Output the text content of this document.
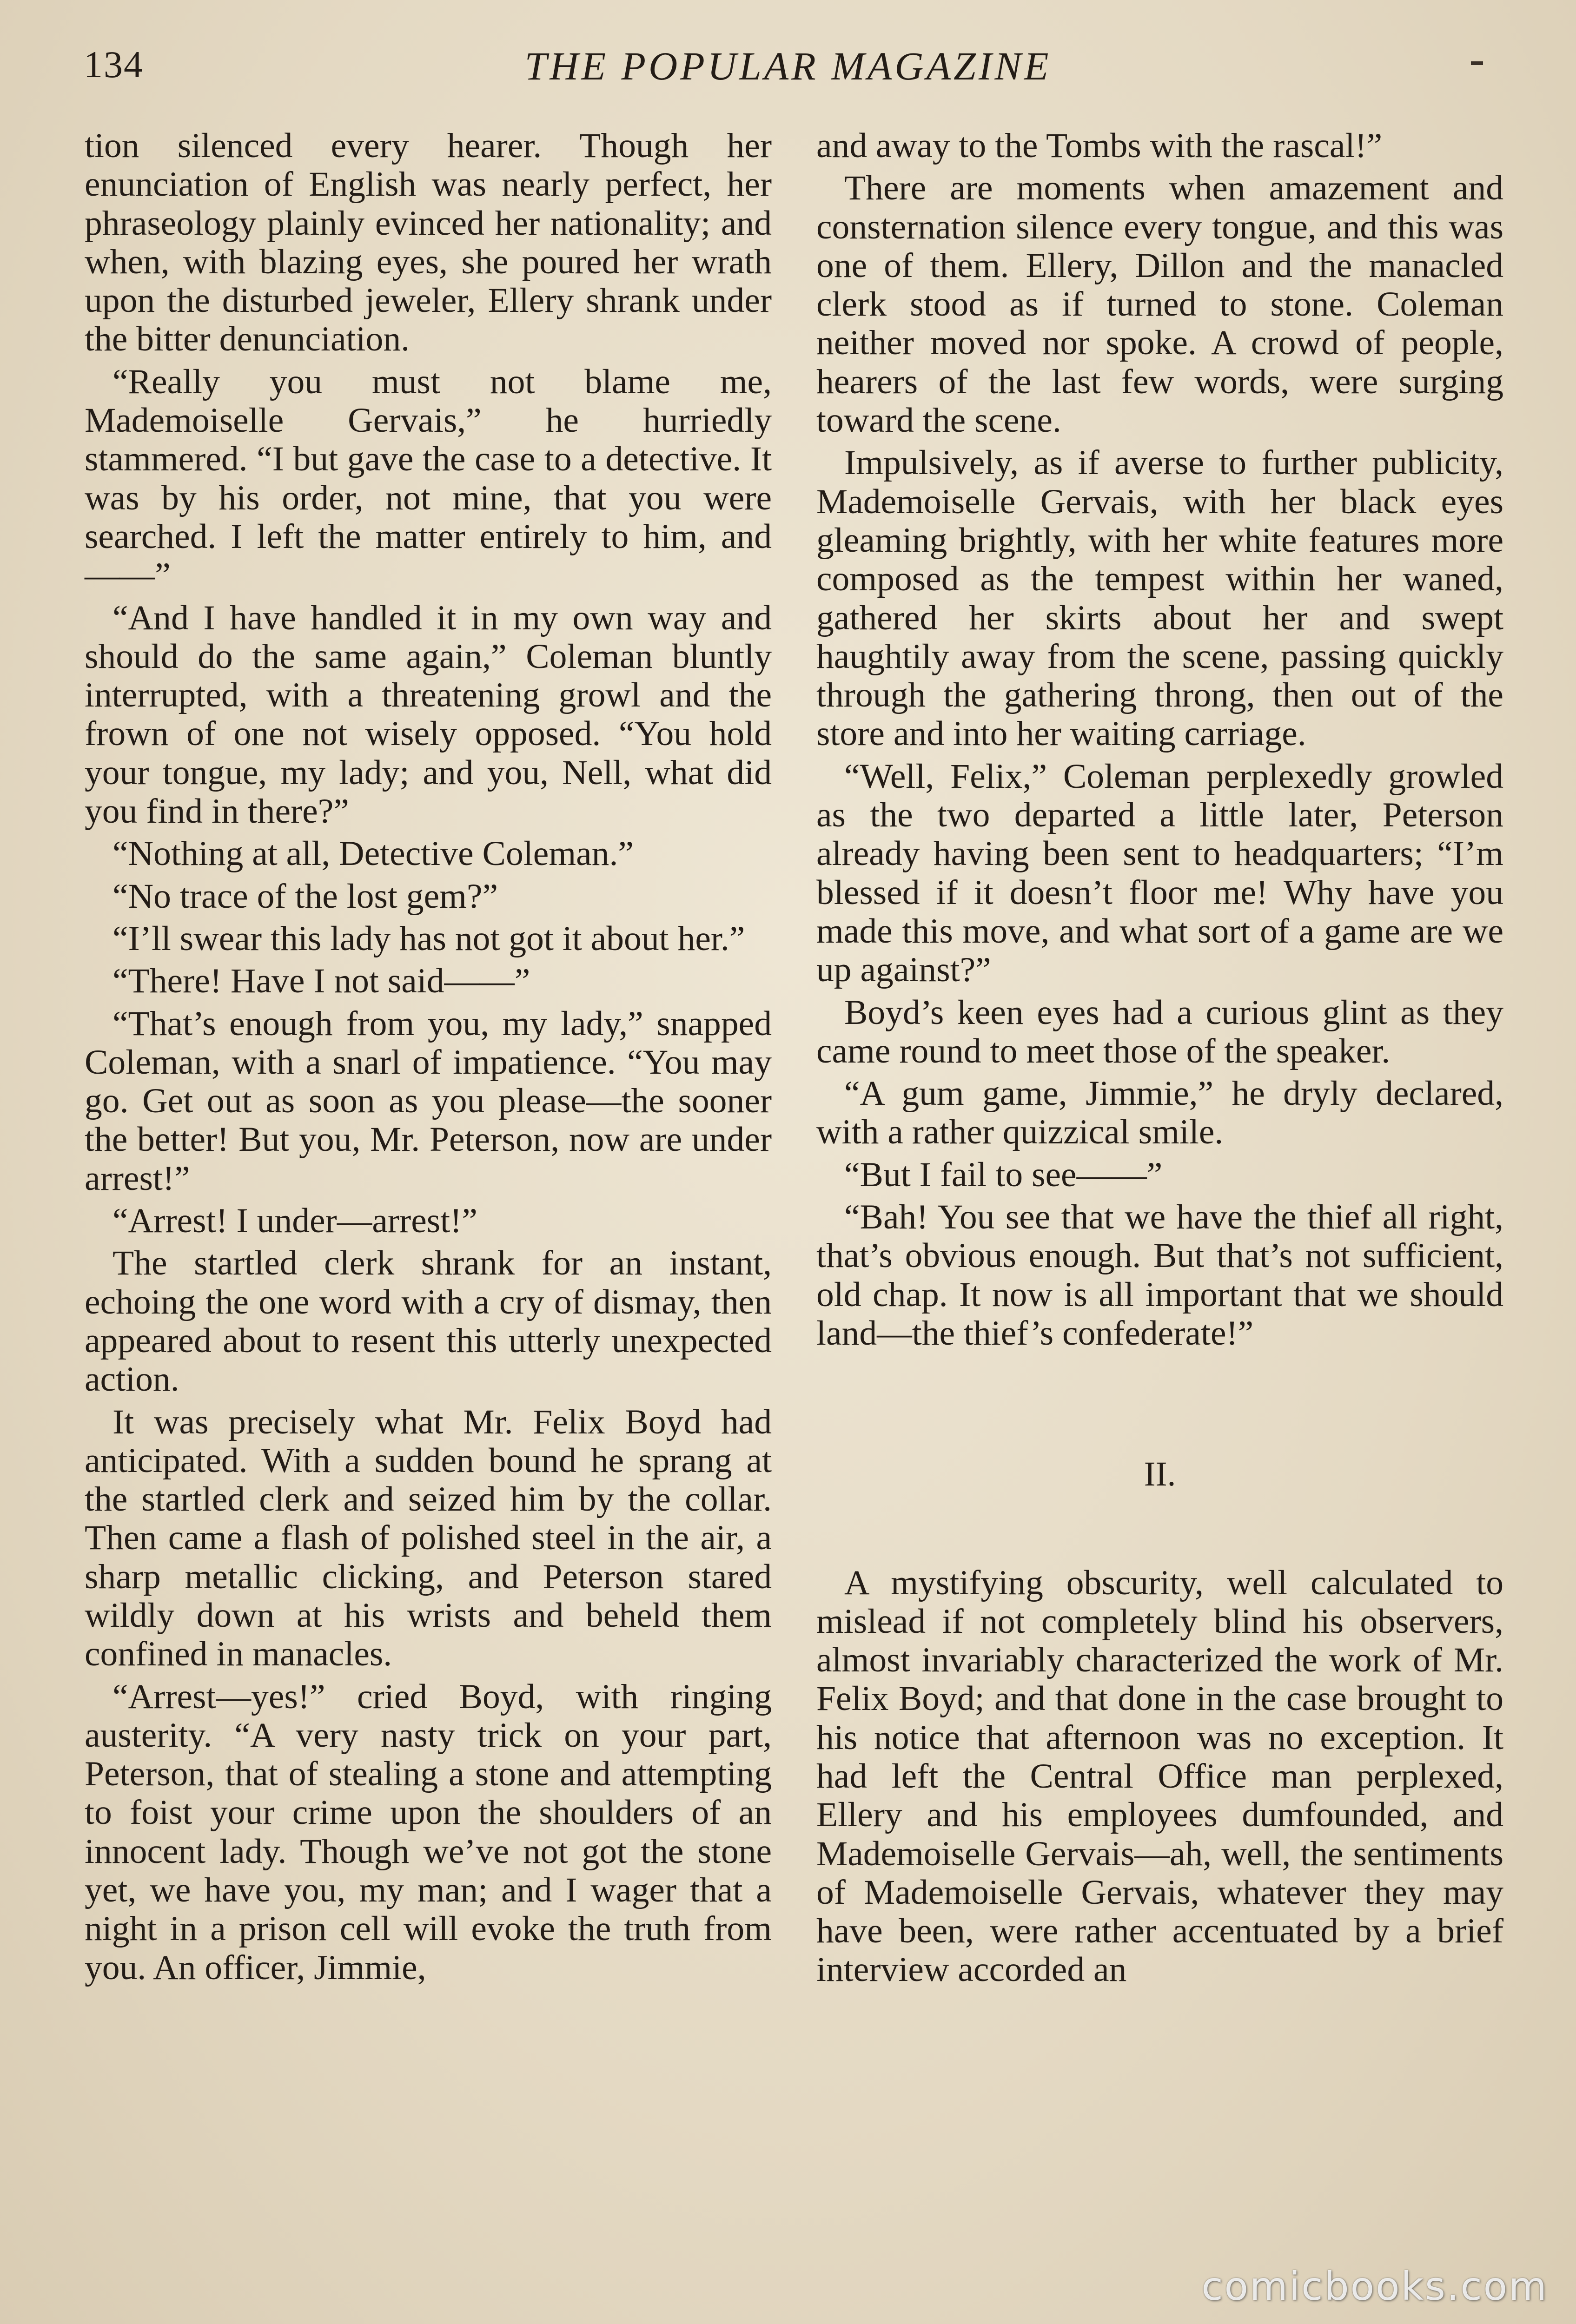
134	THE POPULAR MAGAZINE

tion silenced every hearer. Though her enunciation of English was nearly perfect, her phraseology plainly evinced her nationality; and when, with blazing eyes, she poured her wrath upon the disturbed jeweler, Ellery shrank under the bitter denunciation.

“Really you must not blame me, Mademoiselle Gervais,” he hurriedly stammered. “I but gave the case to a detective. It was by his order, not mine, that you were searched. I left the matter entirely to him, and——”

“And I have handled it in my own way and should do the same again,” Coleman bluntly interrupted, with a threatening growl and the frown of one not wisely opposed. “You hold your tongue, my lady; and you, Nell, what did you find in there?”

“Nothing at all, Detective Coleman.”

“No trace of the lost gem?”

“I’ll swear this lady has not got it about her.”

“There! Have I not said——”

“That’s enough from you, my lady,” snapped Coleman, with a snarl of impatience. “You may go. Get out as soon as you please—the sooner the better! But you, Mr. Peterson, now are under arrest!”

“Arrest! I under—arrest!”

The startled clerk shrank for an instant, echoing the one word with a cry of dismay, then appeared about to resent this utterly unexpected action.

It was precisely what Mr. Felix Boyd had anticipated. With a sudden bound he sprang at the startled clerk and seized him by the collar. Then came a flash of polished steel in the air, a sharp metallic clicking, and Peterson stared wildly down at his wrists and beheld them confined in manacles.

“Arrest—yes!” cried Boyd, with ringing austerity. “A very nasty trick on your part, Peterson, that of stealing a stone and attempting to foist your crime upon the shoulders of an innocent lady. Though we’ve not got the stone yet, we have you, my man; and I wager that a night in a prison cell will evoke the truth from you. An officer, Jimmie,

and away to the Tombs with the rascal!”

There are moments when amazement and consternation silence every tongue, and this was one of them. Ellery, Dillon and the manacled clerk stood as if turned to stone. Coleman neither moved nor spoke. A crowd of people, hearers of the last few words, were surging toward the scene.

Impulsively, as if averse to further publicity, Mademoiselle Gervais, with her black eyes gleaming brightly, with her white features more composed as the tempest within her waned, gathered her skirts about her and swept haughtily away from the scene, passing quickly through the gathering throng, then out of the store and into her waiting carriage.

“Well, Felix,” Coleman perplexedly growled as the two departed a little later, Peterson already having been sent to headquarters; “I’m blessed if it doesn’t floor me! Why have you made this move, and what sort of a game are we up against?”

Boyd’s keen eyes had a curious glint as they came round to meet those of the speaker.

“A gum game, Jimmie,” he dryly declared, with a rather quizzical smile.

“But I fail to see——”

“Bah! You see that we have the thief all right, that’s obvious enough. But that’s not sufficient, old chap. It now is all important that we should land—the thief’s confederate!”

II.

A mystifying obscurity, well calculated to mislead if not completely blind his observers, almost invariably characterized the work of Mr. Felix Boyd; and that done in the case brought to his notice that afternoon was no exception. It had left the Central Office man perplexed, Ellery and his employees dumfounded, and Mademoiselle Gervais—ah, well, the sentiments of Mademoiselle Gervais, whatever they may have been, were rather accentuated by a brief interview accorded an

comicbooks.com
